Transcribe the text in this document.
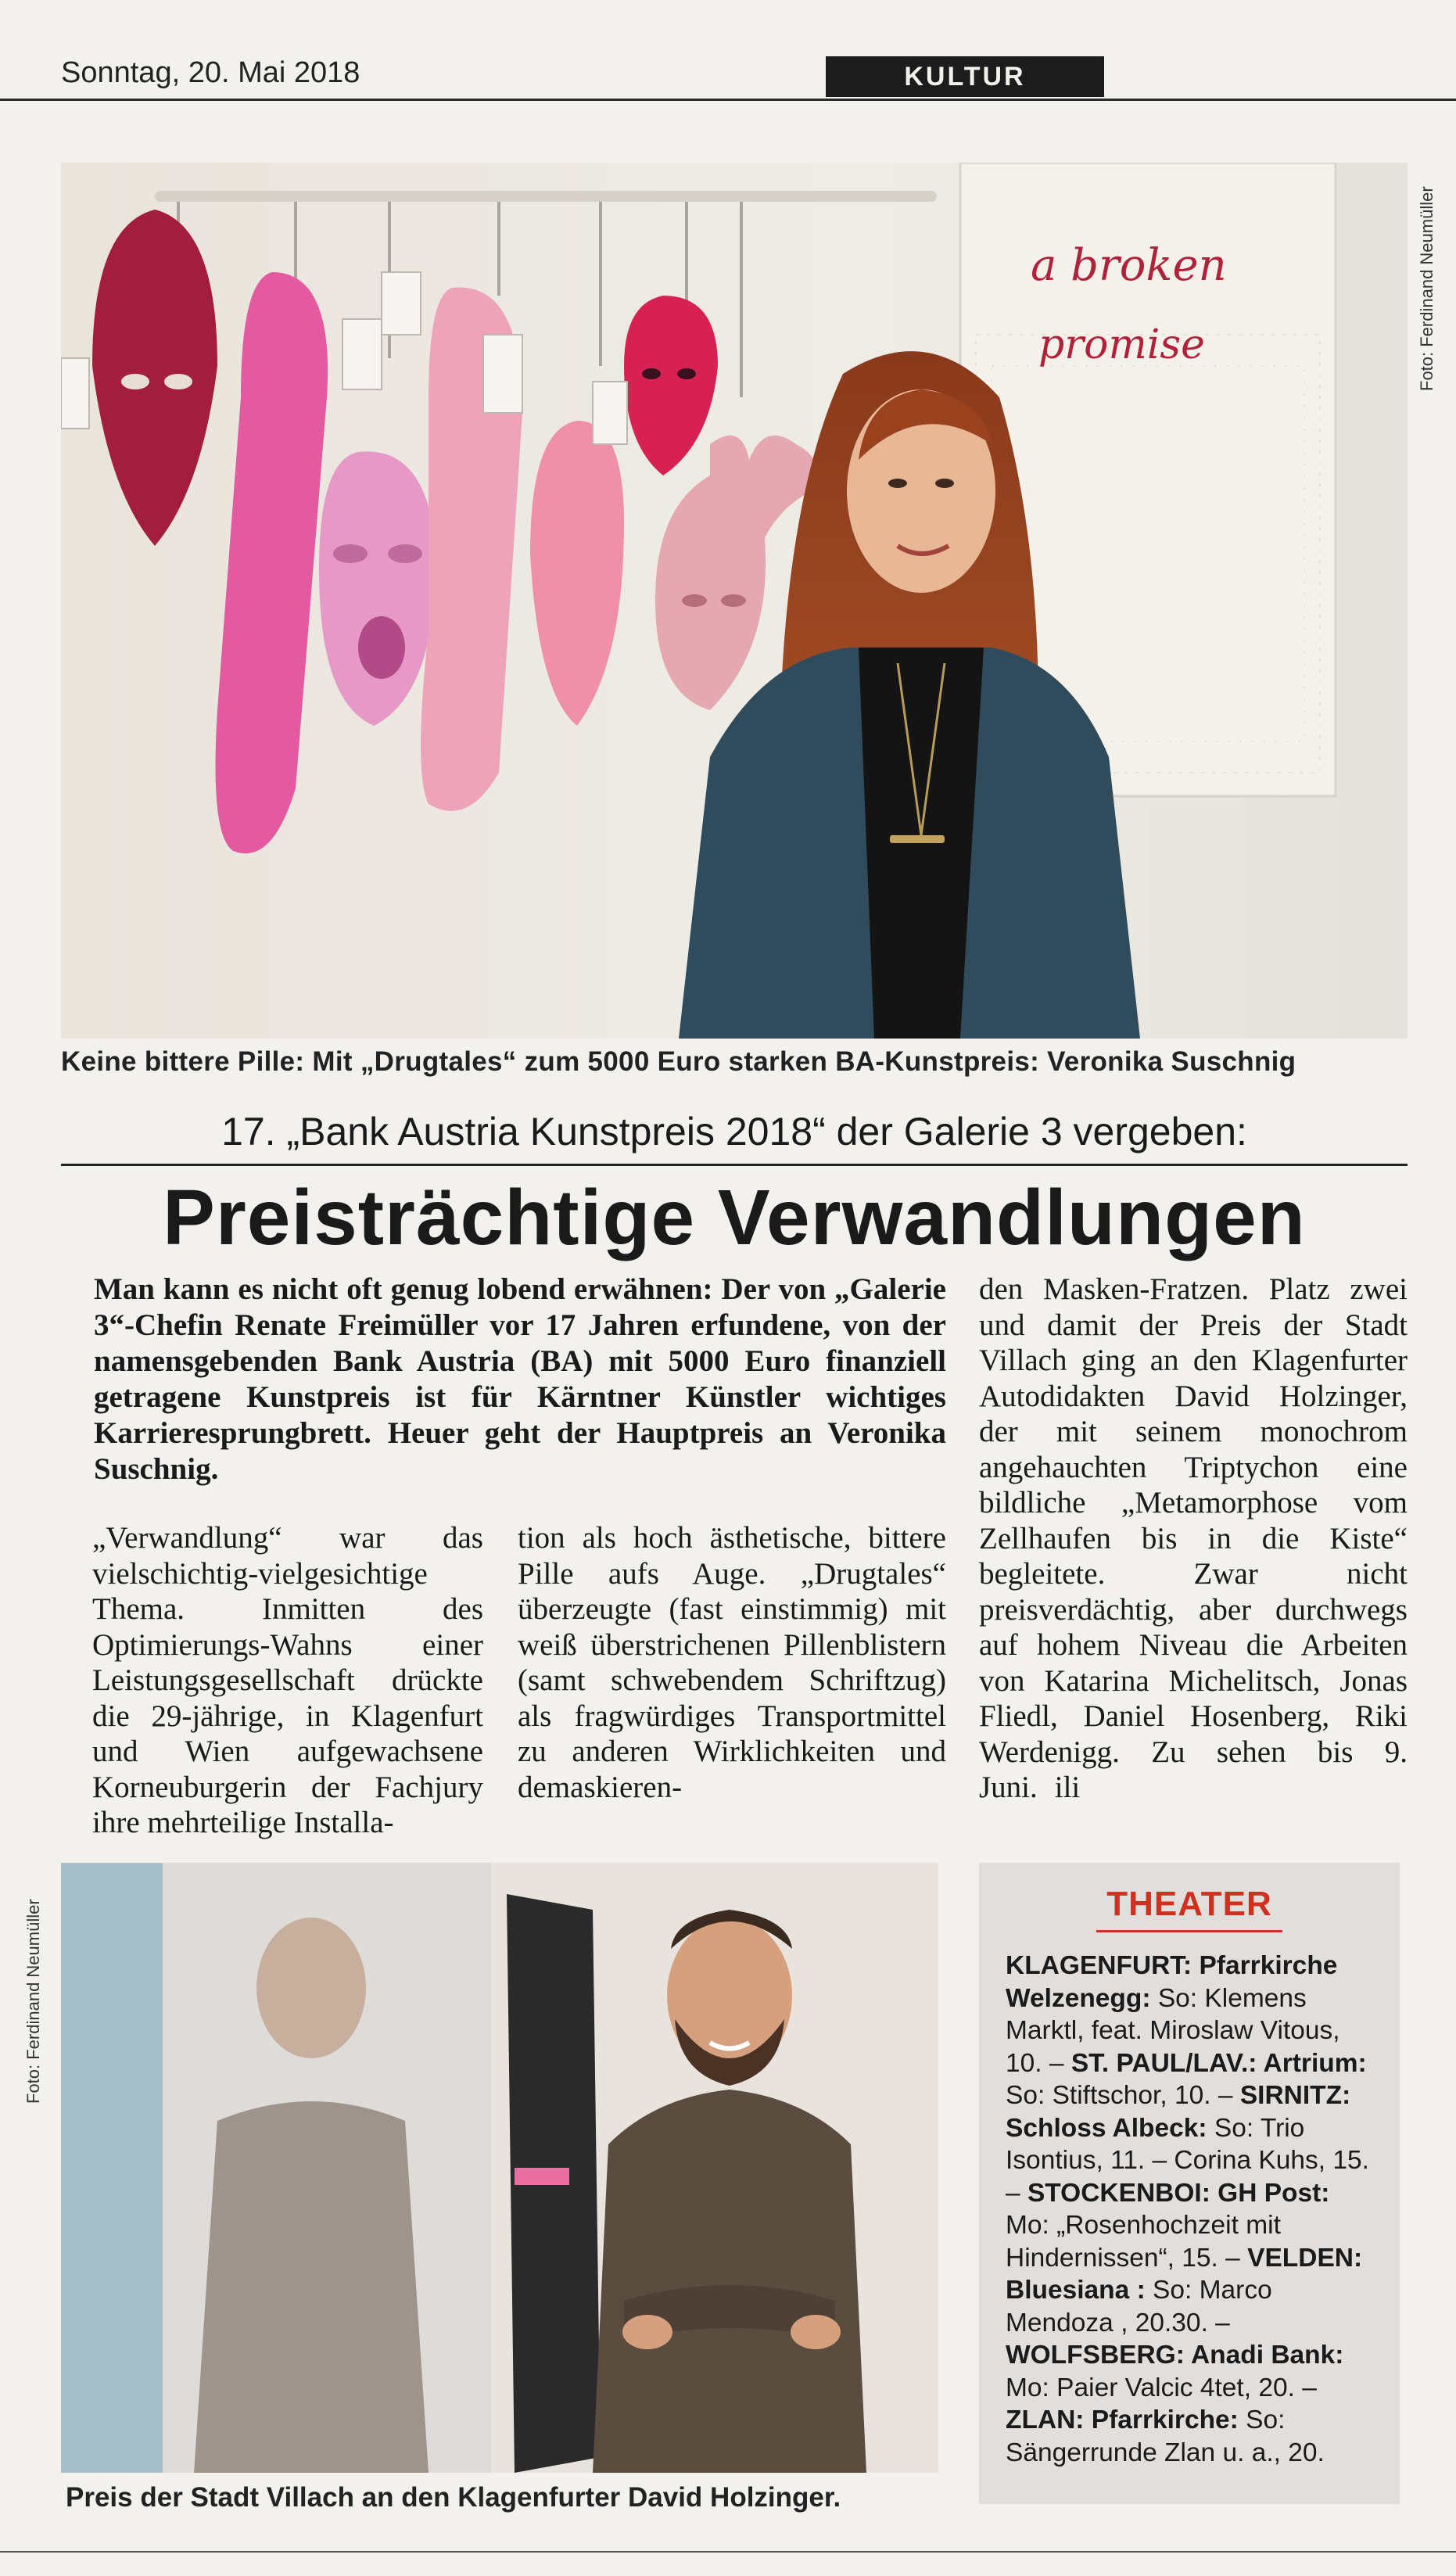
Sonntag, 20. Mai 2018	KULTUR
a broken
promise	Foto: Ferdinand Neumüller
Keine bittere Pille: Mit „Drugtales“ zum 5000 Euro starken BA-Kunstpreis: Veronika Suschnig
17. „Bank Austria Kunstpreis 2018“ der Galerie 3 vergeben:
Preisträchtige Verwandlungen
Man kann es nicht oft genug lobend erwähnen: Der von „Galerie 3“-Chefin Renate Freimüller vor 17 Jahren erfundene, von der namensgebenden Bank Austria (BA) mit 5000 Euro finanziell getragene Kunstpreis ist für Kärntner Künstler wichtiges Karrieresprungbrett. Heuer geht der Hauptpreis an Veronika Suschnig.
„Verwandlung“ war das vielschichtig-vielgesichtige Thema. Inmitten des Optimierungs-Wahns einer Leistungsgesellschaft drückte die 29-jährige, in Klagenfurt und Wien aufgewachsene Korneuburgerin der Fachjury ihre mehrteilige Installa-
tion als hoch ästhetische, bittere Pille aufs Auge. „Drugtales“ überzeugte (fast einstimmig) mit weiß überstrichenen Pillenblistern (samt schwebendem Schriftzug) als fragwürdiges Transportmittel zu anderen Wirklichkeiten und demaskieren-
den Masken-Fratzen. Platz zwei und damit der Preis der Stadt Villach ging an den Klagenfurter Autodidakten David Holzinger, der mit seinem monochrom angehauchten Triptychon eine bildliche „Metamorphose vom Zellhaufen bis in die Kiste“ begleitete. Zwar nicht preisverdächtig, aber durchwegs auf hohem Niveau die Arbeiten von Katarina Michelitsch, Jonas Fliedl, Daniel Hosenberg, Riki Werdenigg. Zu sehen bis 9. Juni. ili
Foto: Ferdinand Neumüller
Preis der Stadt Villach an den Klagenfurter David Holzinger.
THEATER
KLAGENFURT: Pfarrkirche Welzenegg: So: Klemens Marktl, feat. Miroslaw Vitous, 10. – ST. PAUL/LAV.: Artrium: So: Stiftschor, 10. – SIRNITZ: Schloss Albeck: So: Trio Isontius, 11. – Corina Kuhs, 15. – STOCKENBOI: GH Post: Mo: „Rosenhochzeit mit Hindernissen“, 15. – VELDEN: Bluesiana : So: Marco Mendoza , 20.30. – WOLFSBERG: Anadi Bank: Mo: Paier Valcic 4tet, 20. – ZLAN: Pfarrkirche: So: Sängerrunde Zlan u. a., 20.
